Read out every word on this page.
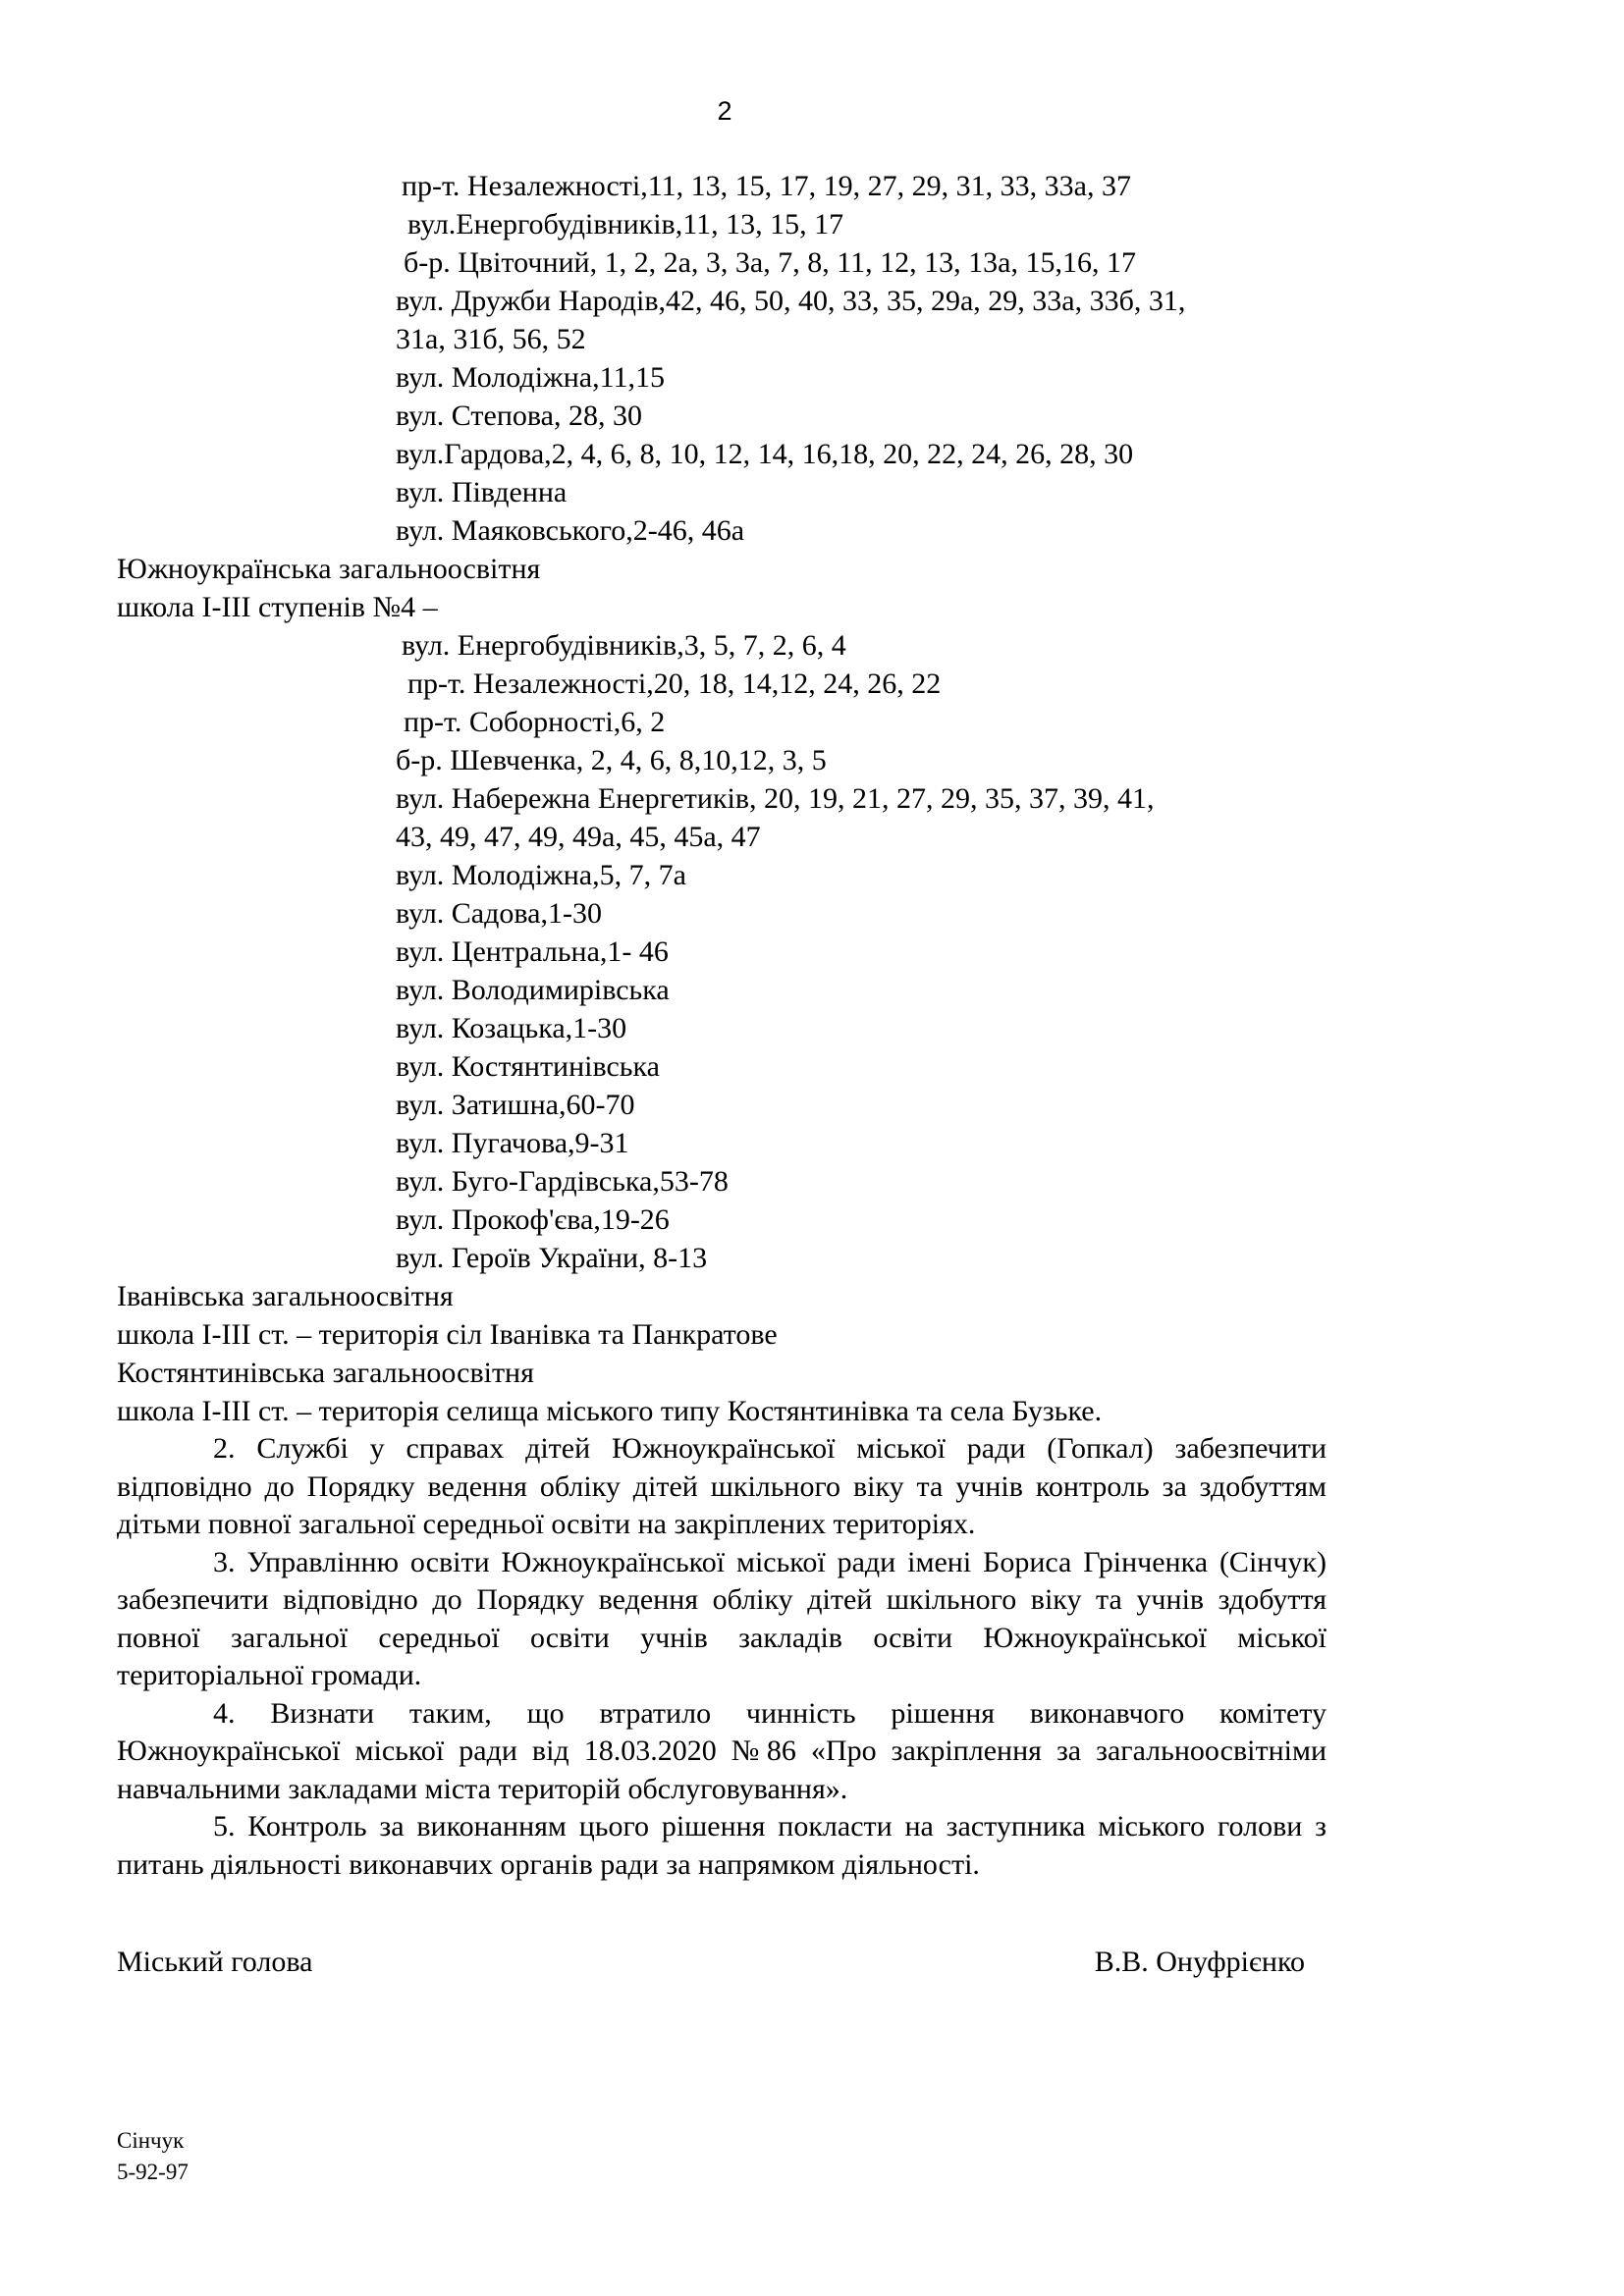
2
пр-т. Незалежності,11, 13, 15, 17, 19, 27, 29, 31, 33, 33а, 37
вул.Енергобудівників,11, 13, 15, 17
б-р. Цвіточний, 1, 2, 2а, 3, 3а, 7, 8, 11, 12, 13, 13а, 15,16, 17
вул. Дружби Народів,42, 46, 50, 40, 33, 35, 29а, 29, 33а, 33б, 31,
31а, 31б, 56, 52
вул. Молодіжна,11,15
вул. Степова, 28, 30
вул.Гардова,2, 4, 6, 8, 10, 12, 14, 16,18, 20, 22, 24, 26, 28, 30
вул. Південна
вул. Маяковського,2-46, 46а
Южноукраїнська загальноосвітня
школа І-ІІІ ступенів №4 –
вул. Енергобудівників,3, 5, 7, 2, 6, 4
пр-т. Незалежності,20, 18, 14,12, 24, 26, 22
пр-т. Соборності,6, 2
б-р. Шевченка, 2, 4, 6, 8,10,12, 3, 5
вул. Набережна Енергетиків, 20, 19, 21, 27, 29, 35, 37, 39, 41,
43, 49, 47, 49, 49а, 45, 45а, 47
вул. Молодіжна,5, 7, 7а
вул. Садова,1-30
вул. Центральна,1- 46
вул. Володимирівська
вул. Козацька,1-30
вул. Костянтинівська
вул. Затишна,60-70
вул. Пугачова,9-31
вул. Буго-Гардівська,53-78
вул. Прокоф'єва,19-26
вул. Героїв України, 8-13
Іванівська загальноосвітня
школа І-ІІІ ст. – територія сіл Іванівка та Панкратове
Костянтинівська загальноосвітня
школа І-ІІІ ст. – територія селища міського типу Костянтинівка та села Бузьке.
2. Службі у справах дітей Южноукраїнської міської ради (Гопкал) забезпечити відповідно до Порядку ведення обліку дітей шкільного віку та учнів контроль за здобуттям дітьми повної загальної середньої освіти на закріплених територіях.
3. Управлінню освіти Южноукраїнської міської ради імені Бориса Грінченка (Сінчук) забезпечити відповідно до Порядку ведення обліку дітей шкільного віку та учнів здобуття повної загальної середньої освіти учнів закладів освіти Южноукраїнської міської територіальної громади.
4. Визнати таким, що втратило чинність рішення виконавчого комітету Южноукраїнської міської ради від 18.03.2020 №86 «Про закріплення за загальноосвітніми навчальними закладами міста територій обслуговування».
5. Контроль за виконанням цього рішення покласти на заступника міського голови з питань діяльності виконавчих органів ради за напрямком діяльності.
Міський голова	В.В. Онуфрієнко
Сінчук
5-92-97
